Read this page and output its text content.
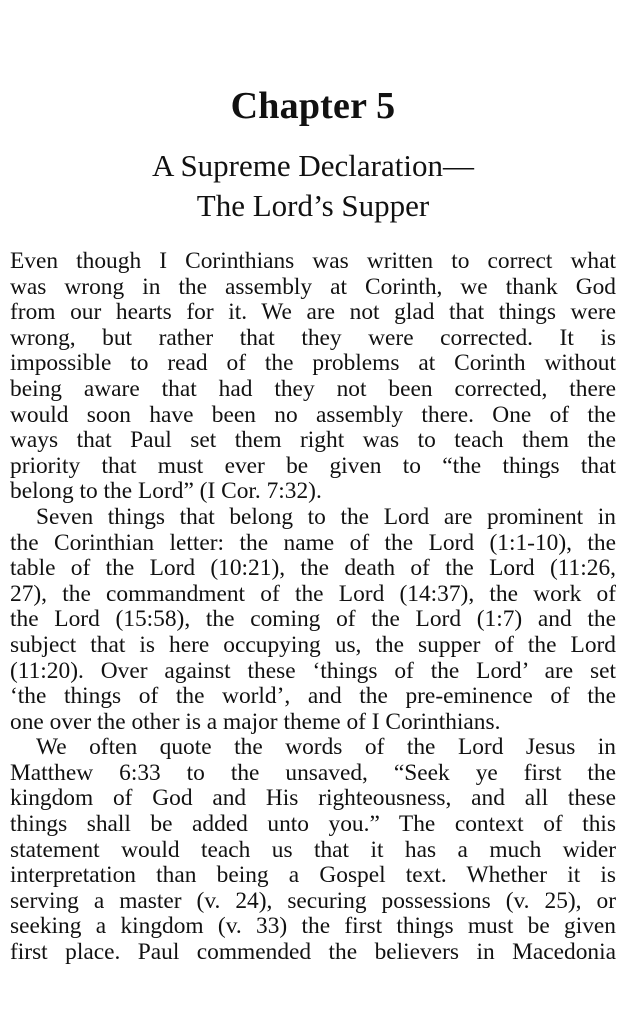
Chapter 5
A Supreme Declaration—
The Lord’s Supper
Even though I Corinthians was written to correct what
was wrong in the assembly at Corinth, we thank God
from our hearts for it. We are not glad that things were
wrong, but rather that they were corrected. It is
impossible to read of the problems at Corinth without
being aware that had they not been corrected, there
would soon have been no assembly there. One of the
ways that Paul set them right was to teach them the
priority that must ever be given to “the things that
belong to the Lord” (I Cor. 7:32).
Seven things that belong to the Lord are prominent in
the Corinthian letter: the name of the Lord (1:1-10), the
table of the Lord (10:21), the death of the Lord (11:26,
27), the commandment of the Lord (14:37), the work of
the Lord (15:58), the coming of the Lord (1:7) and the
subject that is here occupying us, the supper of the Lord
(11:20). Over against these ‘things of the Lord’ are set
‘the things of the world’, and the pre-eminence of the
one over the other is a major theme of I Corinthians.
We often quote the words of the Lord Jesus in
Matthew 6:33 to the unsaved, “Seek ye first the
kingdom of God and His righteousness, and all these
things shall be added unto you.” The context of this
statement would teach us that it has a much wider
interpretation than being a Gospel text. Whether it is
serving a master (v. 24), securing possessions (v. 25), or
seeking a kingdom (v. 33) the first things must be given
first place. Paul commended the believers in Macedonia
